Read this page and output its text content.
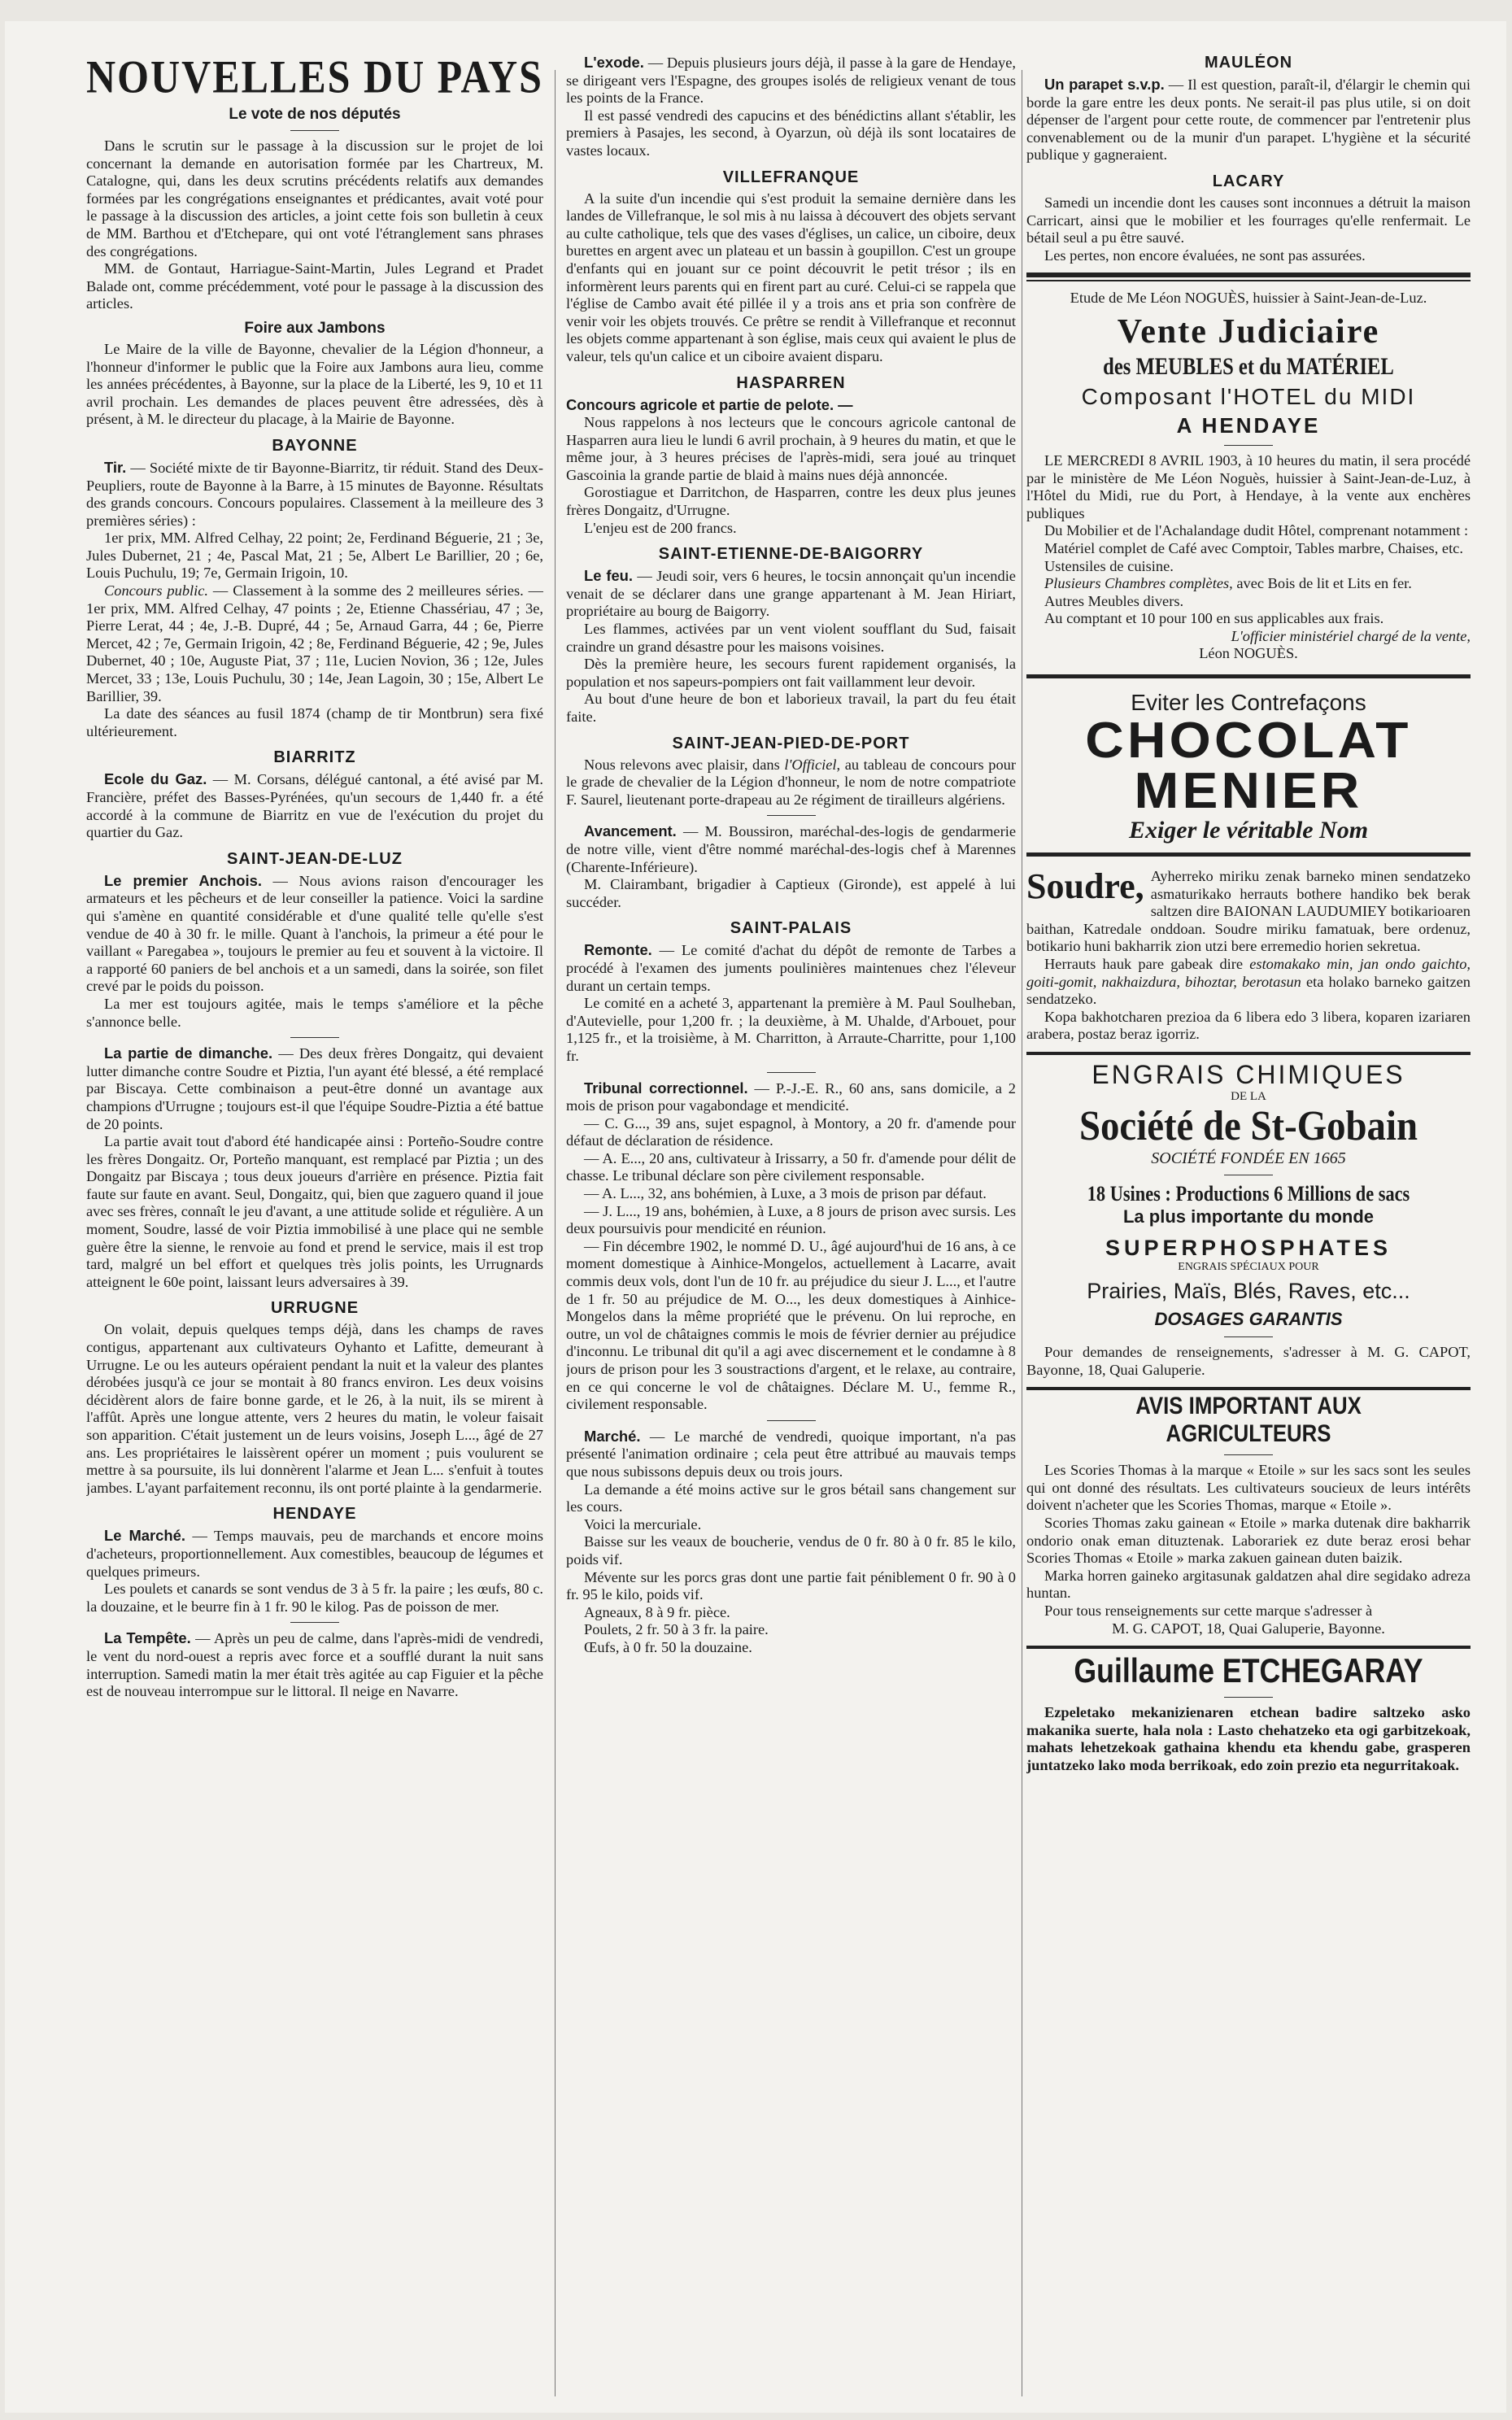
NOUVELLES DU PAYS
Le vote de nos députés

Dans le scrutin sur le passage à la discussion sur le projet de loi concernant la demande en autorisation formée par les Chartreux, M. Catalogne, qui, dans les deux scrutins précédents relatifs aux demandes formées par les congrégations enseignantes et prédicantes, avait voté pour le passage à la discussion des articles, a joint cette fois son bulletin à ceux de MM. Barthou et d'Etchepare, qui ont voté l'étranglement sans phrases des congrégations.

MM. de Gontaut, Harriague-Saint-Martin, Jules Legrand et Pradet Balade ont, comme précédemment, voté pour le passage à la discussion des articles.

Foire aux Jambons

Le Maire de la ville de Bayonne, chevalier de la Légion d'honneur, a l'honneur d'informer le public que la Foire aux Jambons aura lieu, comme les années précédentes, à Bayonne, sur la place de la Liberté, les 9, 10 et 11 avril prochain. Les demandes de places peuvent être adressées, dès à présent, à M. le directeur du placage, à la Mairie de Bayonne.

BAYONNE

Tir. — Société mixte de tir Bayonne-Biarritz, tir réduit. Stand des Deux-Peupliers, route de Bayonne à la Barre, à 15 minutes de Bayonne. Résultats des grands concours. Concours populaires. Classement à la meilleure des 3 premières séries) :

1er prix, MM. Alfred Celhay, 22 point; 2e, Ferdinand Béguerie, 21 ; 3e, Jules Dubernet, 21 ; 4e, Pascal Mat, 21 ; 5e, Albert Le Barillier, 20 ; 6e, Louis Puchulu, 19; 7e, Germain Irigoin, 10.

Concours public. — Classement à la somme des 2 meilleures séries. — 1er prix, MM. Alfred Celhay, 47 points ; 2e, Etienne Chassériau, 47 ; 3e, Pierre Lerat, 44 ; 4e, J.-B. Dupré, 44 ; 5e, Arnaud Garra, 44 ; 6e, Pierre Mercet, 42 ; 7e, Germain Irigoin, 42 ; 8e, Ferdinand Béguerie, 42 ; 9e, Jules Dubernet, 40 ; 10e, Auguste Piat, 37 ; 11e, Lucien Novion, 36 ; 12e, Jules Mercet, 33 ; 13e, Louis Puchulu, 30 ; 14e, Jean Lagoin, 30 ; 15e, Albert Le Barillier, 39.

La date des séances au fusil 1874 (champ de tir Montbrun) sera fixé ultérieurement.

BIARRITZ

Ecole du Gaz. — M. Corsans, délégué cantonal, a été avisé par M. Francière, préfet des Basses-Pyrénées, qu'un secours de 1,440 fr. a été accordé à la commune de Biarritz en vue de l'exécution du projet du quartier du Gaz.

SAINT-JEAN-DE-LUZ

Le premier Anchois. — Nous avions raison d'encourager les armateurs et les pêcheurs et de leur conseiller la patience. Voici la sardine qui s'amène en quantité considérable et d'une qualité telle qu'elle s'est vendue de 40 à 30 fr. le mille. Quant à l'anchois, la primeur a été pour le vaillant « Paregabea », toujours le premier au feu et souvent à la victoire. Il a rapporté 60 paniers de bel anchois et a un samedi, dans la soirée, son filet crevé par le poids du poisson.

La mer est toujours agitée, mais le temps s'améliore et la pêche s'annonce belle.

La partie de dimanche. — Des deux frères Dongaitz, qui devaient lutter dimanche contre Soudre et Piztia, l'un ayant été blessé, a été remplacé par Biscaya. Cette combinaison a peut-être donné un avantage aux champions d'Urrugne ; toujours est-il que l'équipe Soudre-Piztia a été battue de 20 points.

La partie avait tout d'abord été handicapée ainsi : Porteño-Soudre contre les frères Dongaitz. Or, Porteño manquant, est remplacé par Piztia ; un des Dongaitz par Biscaya ; tous deux joueurs d'arrière en présence. Piztia fait faute sur faute en avant. Seul, Dongaitz, qui, bien que zaguero quand il joue avec ses frères, connaît le jeu d'avant, a une attitude solide et régulière. A un moment, Soudre, lassé de voir Piztia immobilisé à une place qui ne semble guère être la sienne, le renvoie au fond et prend le service, mais il est trop tard, malgré un bel effort et quelques très jolis points, les Urrugnards atteignent le 60e point, laissant leurs adversaires à 39.

URRUGNE

On volait, depuis quelques temps déjà, dans les champs de raves contigus, appartenant aux cultivateurs Oyhanto et Lafitte, demeurant à Urrugne. Le ou les auteurs opéraient pendant la nuit et la valeur des plantes dérobées jusqu'à ce jour se montait à 80 francs environ. Les deux voisins décidèrent alors de faire bonne garde, et le 26, à la nuit, ils se mirent à l'affût. Après une longue attente, vers 2 heures du matin, le voleur faisait son apparition. C'était justement un de leurs voisins, Joseph L..., âgé de 27 ans. Les propriétaires le laissèrent opérer un moment ; puis voulurent se mettre à sa poursuite, ils lui donnèrent l'alarme et Jean L... s'enfuit à toutes jambes. L'ayant parfaitement reconnu, ils ont porté plainte à la gendarmerie.

HENDAYE

Le Marché. — Temps mauvais, peu de marchands et encore moins d'acheteurs, proportionnellement. Aux comestibles, beaucoup de légumes et quelques primeurs.

Les poulets et canards se sont vendus de 3 à 5 fr. la paire ; les œufs, 80 c. la douzaine, et le beurre fin à 1 fr. 90 le kilog. Pas de poisson de mer.

La Tempête. — Après un peu de calme, dans l'après-midi de vendredi, le vent du nord-ouest a repris avec force et a soufflé durant la nuit sans interruption. Samedi matin la mer était très agitée au cap Figuier et la pêche est de nouveau interrompue sur le littoral. Il neige en Navarre.

L'exode. — Depuis plusieurs jours déjà, il passe à la gare de Hendaye, se dirigeant vers l'Espagne, des groupes isolés de religieux venant de tous les points de la France.

Il est passé vendredi des capucins et des bénédictins allant s'établir, les premiers à Pasajes, les second, à Oyarzun, où déjà ils sont locataires de vastes locaux.

VILLEFRANQUE

A la suite d'un incendie qui s'est produit la semaine dernière dans les landes de Villefranque, le sol mis à nu laissa à découvert des objets servant au culte catholique, tels que des vases d'églises, un calice, un ciboire, deux burettes en argent avec un plateau et un bassin à goupillon. C'est un groupe d'enfants qui en jouant sur ce point découvrit le petit trésor ; ils en informèrent leurs parents qui en firent part au curé. Celui-ci se rappela que l'église de Cambo avait été pillée il y a trois ans et pria son confrère de venir voir les objets trouvés. Ce prêtre se rendit à Villefranque et reconnut les objets comme appartenant à son église, mais ceux qui avaient le plus de valeur, tels qu'un calice et un ciboire avaient disparu.

HASPARREN

Concours agricole et partie de pelote. —

Nous rappelons à nos lecteurs que le concours agricole cantonal de Hasparren aura lieu le lundi 6 avril prochain, à 9 heures du matin, et que le même jour, à 3 heures précises de l'après-midi, sera joué au trinquet Gascoinia la grande partie de blaid à mains nues déjà annoncée.

Gorostiague et Darritchon, de Hasparren, contre les deux plus jeunes frères Dongaitz, d'Urrugne.

L'enjeu est de 200 francs.

SAINT-ETIENNE-DE-BAIGORRY

Le feu. — Jeudi soir, vers 6 heures, le tocsin annonçait qu'un incendie venait de se déclarer dans une grange appartenant à M. Jean Hiriart, propriétaire au bourg de Baigorry.

Les flammes, activées par un vent violent soufflant du Sud, faisait craindre un grand désastre pour les maisons voisines.

Dès la première heure, les secours furent rapidement organisés, la population et nos sapeurs-pompiers ont fait vaillamment leur devoir.

Au bout d'une heure de bon et laborieux travail, la part du feu était faite.

SAINT-JEAN-PIED-DE-PORT

Nous relevons avec plaisir, dans l'Officiel, au tableau de concours pour le grade de chevalier de la Légion d'honneur, le nom de notre compatriote F. Saurel, lieutenant porte-drapeau au 2e régiment de tirailleurs algériens.

Avancement. — M. Boussiron, maréchal-des-logis de gendarmerie de notre ville, vient d'être nommé maréchal-des-logis chef à Marennes (Charente-Inférieure).

M. Clairambant, brigadier à Captieux (Gironde), est appelé à lui succéder.

SAINT-PALAIS

Remonte. — Le comité d'achat du dépôt de remonte de Tarbes a procédé à l'examen des juments poulinières maintenues chez l'éleveur durant un certain temps.

Le comité en a acheté 3, appartenant la première à M. Paul Soulheban, d'Autevielle, pour 1,200 fr. ; la deuxième, à M. Uhalde, d'Arbouet, pour 1,125 fr., et la troisième, à M. Charritton, à Arraute-Charritte, pour 1,100 fr.

Tribunal correctionnel. — P.-J.-E. R., 60 ans, sans domicile, a 2 mois de prison pour vagabondage et mendicité.

— C. G..., 39 ans, sujet espagnol, à Montory, a 20 fr. d'amende pour défaut de déclaration de résidence.

— A. E..., 20 ans, cultivateur à Irissarry, a 50 fr. d'amende pour délit de chasse. Le tribunal déclare son père civilement responsable.

— A. L..., 32, ans bohémien, à Luxe, a 3 mois de prison par défaut.

— J. L..., 19 ans, bohémien, à Luxe, a 8 jours de prison avec sursis. Les deux poursuivis pour mendicité en réunion.

— Fin décembre 1902, le nommé D. U., âgé aujourd'hui de 16 ans, à ce moment domestique à Ainhice-Mongelos, actuellement à Lacarre, avait commis deux vols, dont l'un de 10 fr. au préjudice du sieur J. L..., et l'autre de 1 fr. 50 au préjudice de M. O..., les deux domestiques à Ainhice-Mongelos dans la même propriété que le prévenu. On lui reproche, en outre, un vol de châtaignes commis le mois de février dernier au préjudice d'inconnu. Le tribunal dit qu'il a agi avec discernement et le condamne à 8 jours de prison pour les 3 soustractions d'argent, et le relaxe, au contraire, en ce qui concerne le vol de châtaignes. Déclare M. U., femme R., civilement responsable.

Marché. — Le marché de vendredi, quoique important, n'a pas présenté l'animation ordinaire ; cela peut être attribué au mauvais temps que nous subissons depuis deux ou trois jours.

La demande a été moins active sur le gros bétail sans changement sur les cours.

Voici la mercuriale.

Baisse sur les veaux de boucherie, vendus de 0 fr. 80 à 0 fr. 85 le kilo, poids vif.

Mévente sur les porcs gras dont une partie fait péniblement 0 fr. 90 à 0 fr. 95 le kilo, poids vif.

Agneaux, 8 à 9 fr. pièce.

Poulets, 2 fr. 50 à 3 fr. la paire.

Œufs, à 0 fr. 50 la douzaine.

MAULÉON

Un parapet s.v.p. — Il est question, paraît-il, d'élargir le chemin qui borde la gare entre les deux ponts. Ne serait-il pas plus utile, si on doit dépenser de l'argent pour cette route, de commencer par l'entretenir plus convenablement ou de la munir d'un parapet. L'hygiène et la sécurité publique y gagneraient.

LACARY

Samedi un incendie dont les causes sont inconnues a détruit la maison Carricart, ainsi que le mobilier et les fourrages qu'elle renfermait. Le bétail seul a pu être sauvé.

Les pertes, non encore évaluées, ne sont pas assurées.

Etude de Me Léon NOGUÈS, huissier à Saint-Jean-de-Luz.

Vente Judiciaire
des MEUBLES et du MATÉRIEL
Composant l'HOTEL du MIDI
A HENDAYE

LE MERCREDI 8 AVRIL 1903, à 10 heures du matin, il sera procédé par le ministère de Me Léon Noguès, huissier à Saint-Jean-de-Luz, à l'Hôtel du Midi, rue du Port, à Hendaye, à la vente aux enchères publiques

Du Mobilier et de l'Achalandage dudit Hôtel, comprenant notamment :

Matériel complet de Café avec Comptoir, Tables marbre, Chaises, etc.

Ustensiles de cuisine.

Plusieurs Chambres complètes, avec Bois de lit et Lits en fer.

Autres Meubles divers.

Au comptant et 10 pour 100 en sus applicables aux frais.

L'officier ministériel chargé de la vente,

Léon NOGUÈS.

Eviter les Contrefaçons
CHOCOLAT
MENIER
Exiger le véritable Nom
Soudre, Ayherreko miriku zenak barneko minen sendatzeko asmaturikako herrauts bothere handiko bek berak saltzen dire BAIONAN LAUDUMIEY botikarioaren baithan, Katredale onddoan. Soudre miriku famatuak, bere ordenuz, botikario huni bakharrik zion utzi bere erremedio horien sekretua.

Herrauts hauk pare gabeak dire estomakako min, jan ondo gaichto, goiti-gomit, nakhaizdura, bihoztar, berotasun eta holako barneko gaitzen sendatzeko.

Kopa bakhotcharen prezioa da 6 libera edo 3 libera, koparen izariaren arabera, postaz beraz igorriz.

ENGRAIS CHIMIQUES
DE LA
Société de St-Gobain
SOCIÉTÉ FONDÉE EN 1665
18 Usines : Productions 6 Millions de sacs
La plus importante du monde
SUPERPHOSPHATES
ENGRAIS SPÉCIAUX POUR
Prairies, Maïs, Blés, Raves, etc...
DOSAGES GARANTIS

Pour demandes de renseignements, s'adresser à M. G. CAPOT, Bayonne, 18, Quai Galuperie.

AVIS IMPORTANT AUX AGRICULTEURS

Les Scories Thomas à la marque « Etoile » sur les sacs sont les seules qui ont donné des résultats. Les cultivateurs soucieux de leurs intérêts doivent n'acheter que les Scories Thomas, marque « Etoile ».

Scories Thomas zaku gainean « Etoile » marka dutenak dire bakharrik ondorio onak eman dituztenak. Laborariek ez dute beraz erosi behar Scories Thomas « Etoile » marka zakuen gainean duten baizik.

Marka horren gaineko argitasunak galdatzen ahal dire segidako adreza huntan.

Pour tous renseignements sur cette marque s'adresser à

M. G. CAPOT, 18, Quai Galuperie, Bayonne.

Guillaume ETCHEGARAY

Ezpeletako mekanizienaren etchean badire saltzeko asko makanika suerte, hala nola : Lasto chehatzeko eta ogi garbitzekoak, mahats lehetzekoak gathaina khendu eta khendu gabe, grasperen juntatzeko lako moda berrikoak, edo zoin prezio eta negurritakoak.
